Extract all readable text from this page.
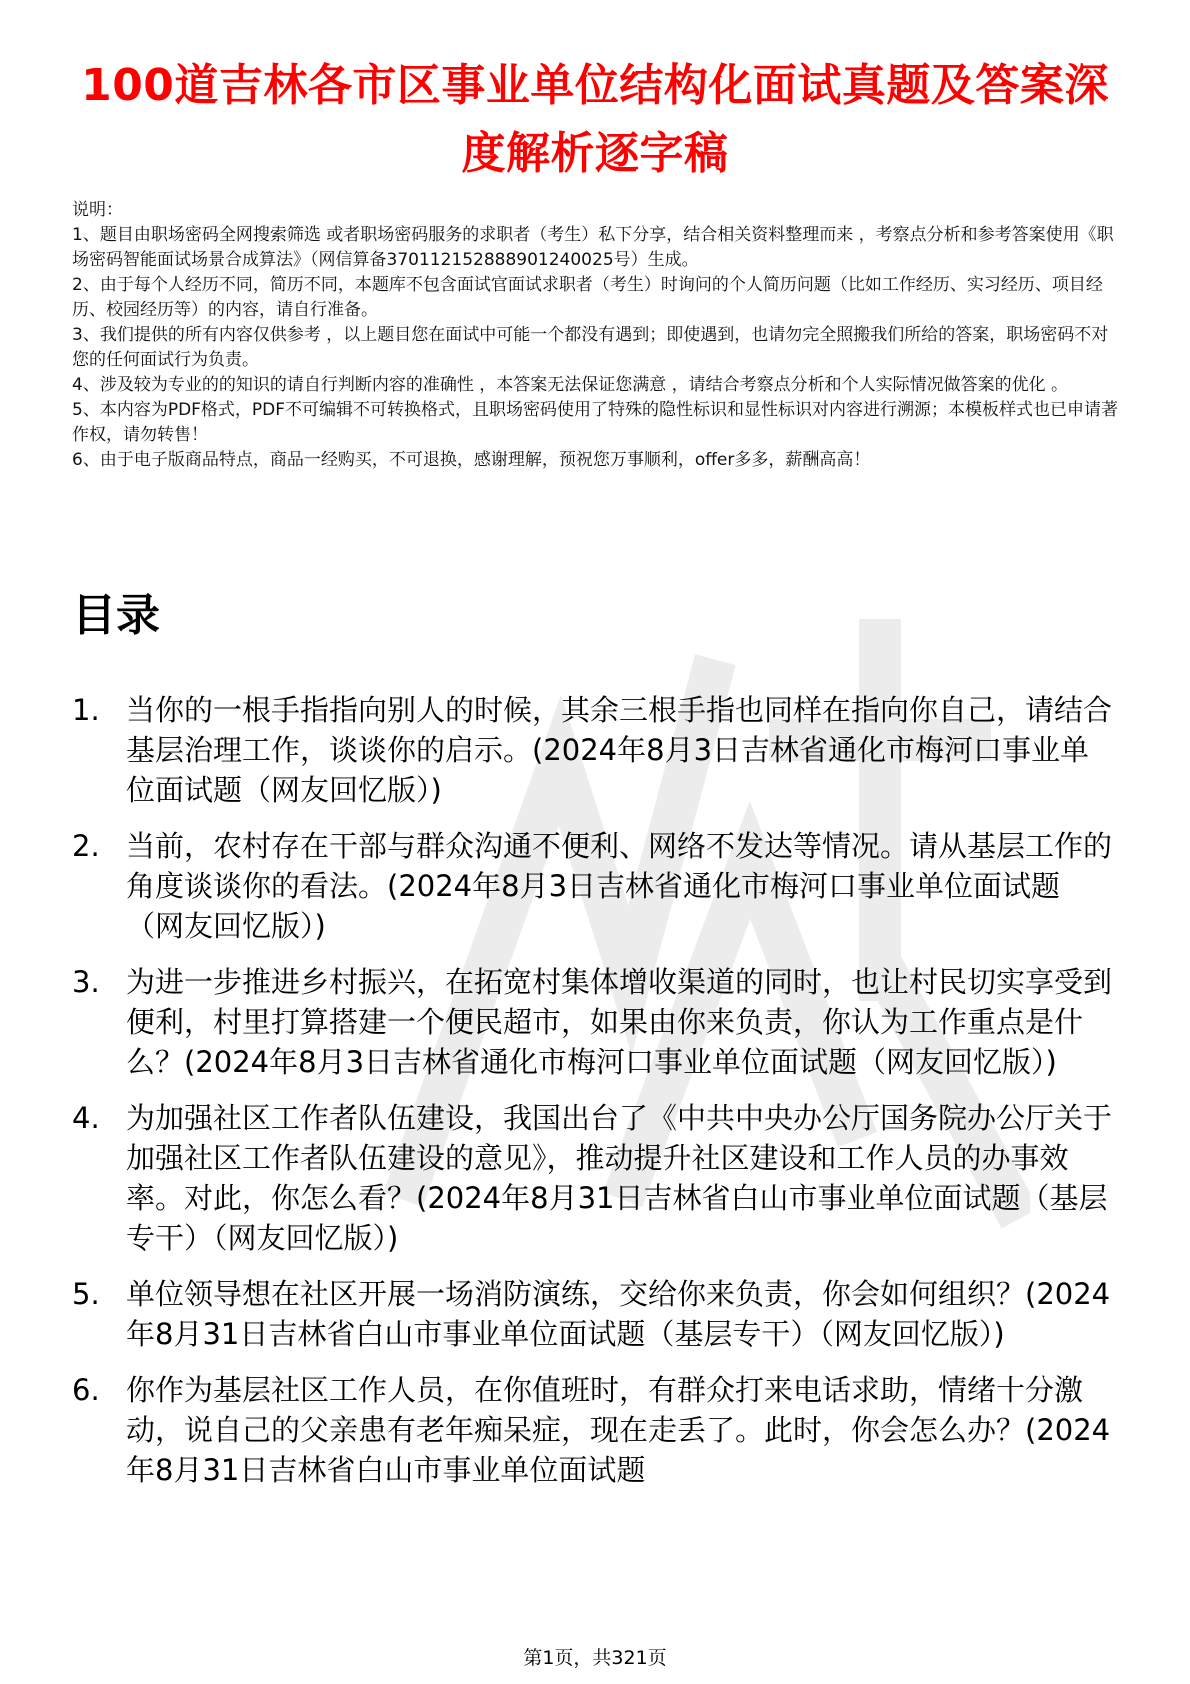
100道吉林各市区事业单位结构化面试真题及答案深度解析逐字稿
说明：
1、题目由职场密码全网搜索筛选 或者职场密码服务的求职者（考生）私下分享，结合相关资料整理而来 ，考察点分析和参考答案使用《职场密码智能面试场景合成算法》（网信算备370112152888901240025号）生成。
2、由于每个人经历不同，简历不同，本题库不包含面试官面试求职者（考生）时询问的个人简历问题（比如工作经历、实习经历、项目经历、校园经历等）的内容，请自行准备。
3、我们提供的所有内容仅供参考 ，以上题目您在面试中可能一个都没有遇到；即使遇到，也请勿完全照搬我们所给的答案，职场密码不对您的任何面试行为负责。
4、涉及较为专业的的知识的请自行判断内容的准确性 ，本答案无法保证您满意 ，请结合考察点分析和个人实际情况做答案的优化 。
5、本内容为PDF格式，PDF不可编辑不可转换格式，且职场密码使用了特殊的隐性标识和显性标识对内容进行溯源；本模板样式也已申请著作权，请勿转售！
6、由于电子版商品特点，商品一经购买，不可退换，感谢理解，预祝您万事顺利，offer多多，薪酬高高！
目录
1. 当你的一根手指指向别人的时候，其余三根手指也同样在指向你自己，请结合基层治理工作，谈谈你的启示。(2024年8月3日吉林省通化市梅河口事业单位面试题（网友回忆版）)
2. 当前，农村存在干部与群众沟通不便利、网络不发达等情况。请从基层工作的角度谈谈你的看法。(2024年8月3日吉林省通化市梅河口事业单位面试题（网友回忆版）)
3. 为进一步推进乡村振兴，在拓宽村集体增收渠道的同时，也让村民切实享受到便利，村里打算搭建一个便民超市，如果由你来负责，你认为工作重点是什么？(2024年8月3日吉林省通化市梅河口事业单位面试题（网友回忆版）)
4. 为加强社区工作者队伍建设，我国出台了《中共中央办公厅国务院办公厅关于加强社区工作者队伍建设的意见》，推动提升社区建设和工作人员的办事效率。对此，你怎么看？(2024年8月31日吉林省白山市事业单位面试题（基层专干）（网友回忆版）)
5. 单位领导想在社区开展一场消防演练，交给你来负责，你会如何组织？(2024年8月31日吉林省白山市事业单位面试题（基层专干）（网友回忆版）)
6. 你作为基层社区工作人员，在你值班时，有群众打来电话求助，情绪十分激动，说自己的父亲患有老年痴呆症，现在走丢了。此时，你会怎么办？(2024年8月31日吉林省白山市事业单位面试题
第1页，共321页
